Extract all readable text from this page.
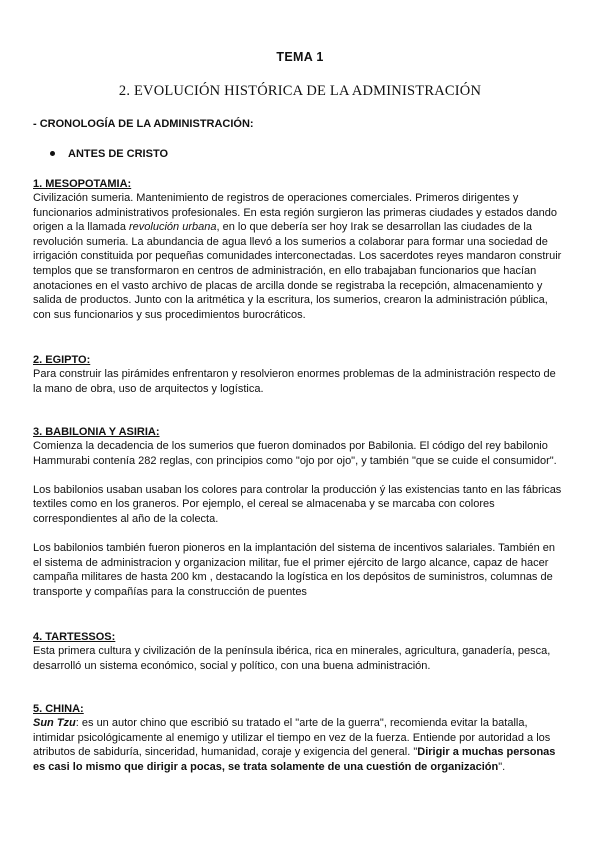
TEMA 1
2. EVOLUCIÓN HISTÓRICA DE LA ADMINISTRACIÓN
- CRONOLOGÍA DE LA ADMINISTRACIÓN:
ANTES DE CRISTO

1. MESOPOTAMIA:

Civilización sumeria. Mantenimiento de registros de operaciones comerciales. Primeros dirigentes y funcionarios administrativos profesionales. En esta región surgieron las primeras ciudades y estados dando origen a la llamada revolución urbana, en lo que debería ser hoy Irak se desarrollan las ciudades de la revolución sumeria. La abundancia de agua llevó a los sumerios a colaborar para formar una sociedad de irrigación constituida por pequeñas comunidades interconectadas. Los sacerdotes reyes mandaron construir templos que se transformaron en centros de administración, en ello trabajaban funcionarios que hacían anotaciones en el vasto archivo de placas de arcilla donde se registraba la recepción, almacenamiento y salida de productos. Junto con la aritmética y la escritura, los sumerios, crearon la administración pública, con sus funcionarios y sus procedimientos burocráticos.

2. EGIPTO:

Para construir las pirámides enfrentaron y resolvieron enormes problemas de la administración respecto de la mano de obra, uso de arquitectos y logística.

3. BABILONIA Y ASIRIA:

Comienza la decadencia de los sumerios que fueron dominados por Babilonia. El código del rey babilonio Hammurabi contenía 282 reglas, con principios como "ojo por ojo", y también "que se cuide el consumidor".

Los babilonios usaban usaban los colores para controlar la producción ý las existencias tanto en las fábricas textiles como en los graneros. Por ejemplo, el cereal se almacenaba y se marcaba con colores correspondientes al año de la colecta.

Los babilonios también fueron pioneros en la implantación del sistema de incentivos salariales. También en el sistema de administracion y organizacion militar, fue el primer ejército de largo alcance, capaz de hacer campaña militares de hasta 200 km , destacando la logística en los depósitos de suministros, columnas de transporte y compañías para la construcción de puentes

4. TARTESSOS:

Esta primera cultura y civilización de la península ibérica, rica en minerales, agricultura, ganadería, pesca, desarrolló un sistema económico, social y político, con una buena administración.

5. CHINA:

Sun Tzu: es un autor chino que escribió su tratado el "arte de la guerra", recomienda evitar la batalla, intimidar psicológicamente al enemigo y utilizar el tiempo en vez de la fuerza. Entiende por autoridad a los atributos de sabiduría, sinceridad, humanidad, coraje y exigencia del general. "Dirigir a muchas personas es casi lo mismo que dirigir a pocas, se trata solamente de una cuestión de organización".
